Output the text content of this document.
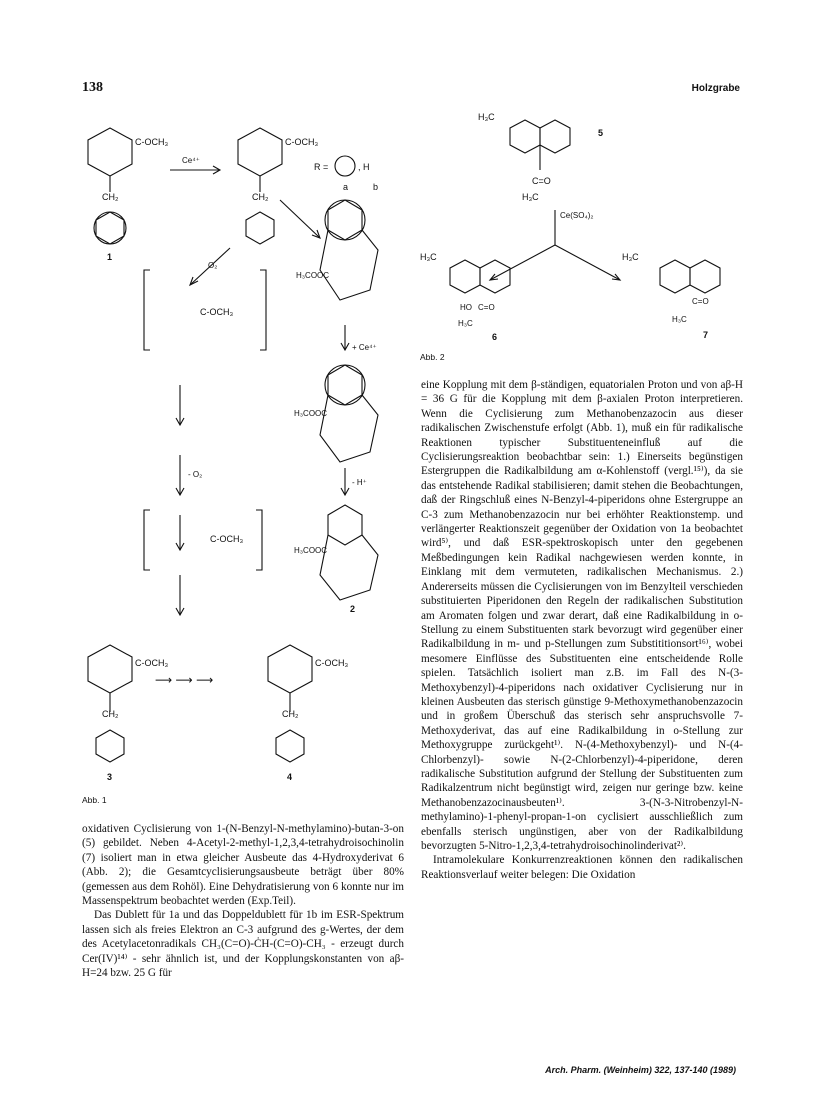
138	Holzgrabe
C-OCH₃	C-OCH₃
Ce⁴⁺
R =	, H
a	b
CH₂	CH₂
1
O₂
C-OCH₃
- O₂
C-OCH₃
H₃COOC
+ Ce⁴⁺
H₃COOC
- H⁺
H₃COOC
2
C-OCH₃	C-OCH₃
⟶ ⟶ ⟶
CH₂	CH₂
3	4
Abb. 1
H₃C
5
C=O
H₃C
Ce(SO₄)₂
H₃C
HO C=O
H₃C
6
H₃C
C=O
H₃C
7
Abb. 2

oxidativen Cyclisierung von 1-(N-Benzyl-N-methylamino)-butan-3-on (5) gebildet. Neben 4-Acetyl-2-methyl-1,2,3,4-tetrahydroisochinolin (7) isoliert man in etwa gleicher Ausbeute das 4-Hydroxyderivat 6 (Abb. 2); die Gesamtcyclisierungsausbeute beträgt über 80% (gemessen aus dem Rohöl). Eine Dehydratisierung von 6 konnte nur im Massenspektrum beobachtet werden (Exp.Teil).

Das Dublett für 1a und das Doppeldublett für 1b im ESR-Spektrum lassen sich als freies Elektron an C-3 aufgrund des g-Wertes, der dem des Acetylacetonradikals CH₃(C=O)-ĊH-(C=O)-CH₃ - erzeugt durch Cer(IV)¹⁴⁾ - sehr ähnlich ist, und der Kopplungskonstanten von aβ-H=24 bzw. 25 G für

eine Kopplung mit dem β-ständigen, equatorialen Proton und von aβ-H = 36 G für die Kopplung mit dem β-axialen Proton interpretieren. Wenn die Cyclisierung zum Methanobenzazocin aus dieser radikalischen Zwischenstufe erfolgt (Abb. 1), muß ein für radikalische Reaktionen typischer Substituenteneinfluß auf die Cyclisierungsreaktion beobachtbar sein: 1.) Einerseits begünstigen Estergruppen die Radikalbildung am α-Kohlenstoff (vergl.¹⁵⁾), da sie das entstehende Radikal stabilisieren; damit stehen die Beobachtungen, daß der Ringschluß eines N-Benzyl-4-piperidons ohne Estergruppe an C-3 zum Methanobenzazocin nur bei erhöhter Reaktionstemp. und verlängerter Reaktionszeit gegenüber der Oxidation von 1a beobachtet wird⁵⁾, und daß ESR-spektroskopisch unter den gegebenen Meßbedingungen kein Radikal nachgewiesen werden konnte, in Einklang mit dem vermuteten, radikalischen Mechanismus. 2.) Andererseits müssen die Cyclisierungen von im Benzylteil verschieden substituierten Piperidonen den Regeln der radikalischen Substitution am Aromaten folgen und zwar derart, daß eine Radikalbildung in o-Stellung zu einem Substituenten stark bevorzugt wird gegenüber einer Radikalbildung in m- und p-Stellungen zum Substititionsort¹⁶⁾, wobei mesomere Einflüsse des Substituenten eine entscheidende Rolle spielen. Tatsächlich isoliert man z.B. im Fall des N-(3-Methoxybenzyl)-4-piperidons nach oxidativer Cyclisierung nur in kleinen Ausbeuten das sterisch günstige 9-Methoxymethanobenzazocin und in großem Überschuß das sterisch sehr anspruchsvolle 7-Methoxyderivat, das auf eine Radikalbildung in o-Stellung zur Methoxygruppe zurückgeht¹⁾. N-(4-Methoxybenzyl)- und N-(4-Chlorbenzyl)- sowie N-(2-Chlorbenzyl)-4-piperidone, deren radikalische Substitution aufgrund der Stellung der Substituenten zum Radikalzentrum nicht begünstigt wird, zeigen nur geringe bzw. keine Methanobenzazocinausbeuten¹⁾. 3-(N-3-Nitrobenzyl-N-methylamino)-1-phenyl-propan-1-on cyclisiert ausschließlich zum ebenfalls sterisch ungünstigen, aber von der Radikalbildung bevorzugten 5-Nitro-1,2,3,4-tetrahydroisochinolinderivat²⁾.

Intramolekulare Konkurrenzreaktionen können den radikalischen Reaktionsverlauf weiter belegen: Die Oxidation

Arch. Pharm. (Weinheim) 322, 137-140 (1989)
